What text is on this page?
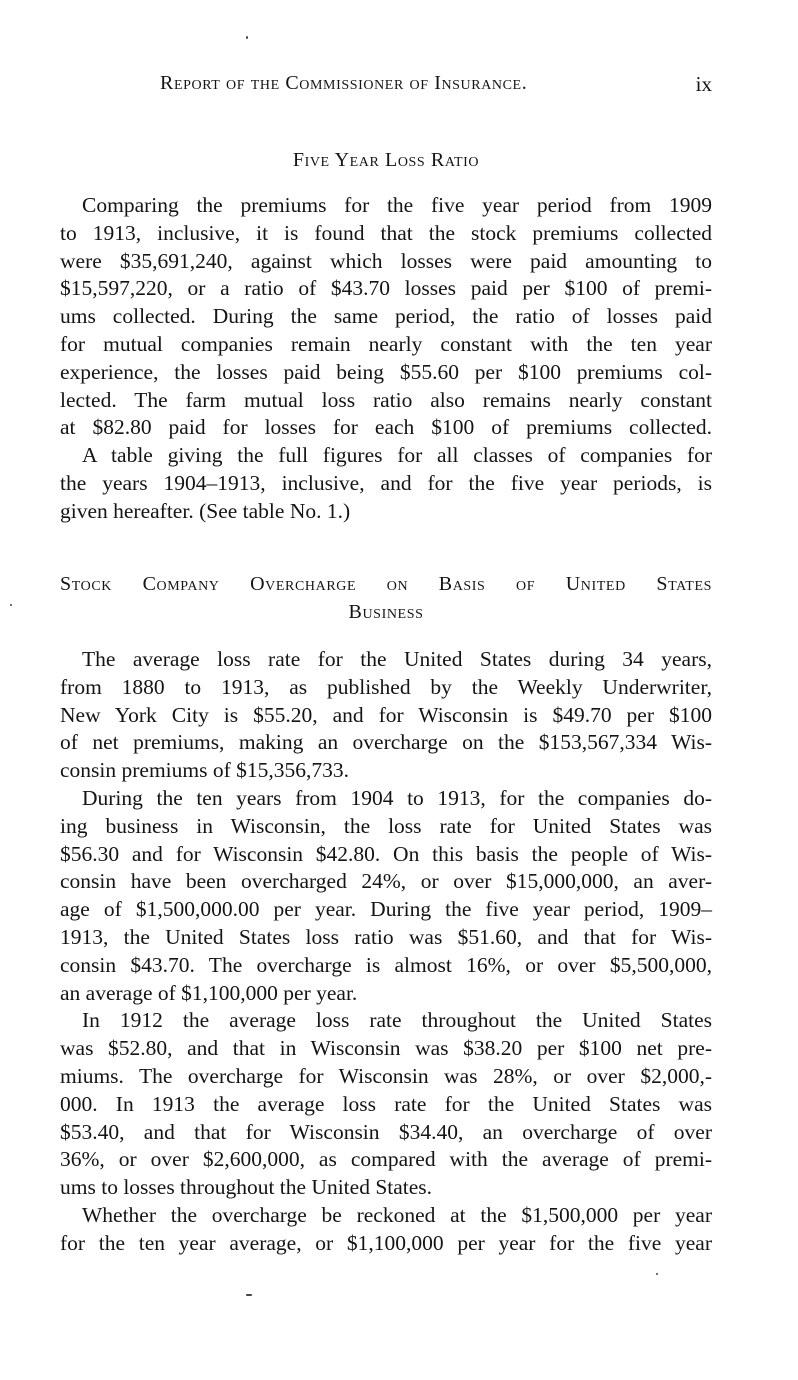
Report of the Commissioner of Insurance.	ix
Five Year Loss Ratio

Comparing the premiums for the five year period from 1909
to 1913, inclusive, it is found that the stock premiums collected
were $35,691,240, against which losses were paid amounting to
$15,597,220, or a ratio of $43.70 losses paid per $100 of premi-
ums collected. During the same period, the ratio of losses paid
for mutual companies remain nearly constant with the ten year
experience, the losses paid being $55.60 per $100 premiums col-
lected. The farm mutual loss ratio also remains nearly constant
at $82.80 paid for losses for each $100 of premiums collected.

A table giving the full figures for all classes of companies for
the years 1904–1913, inclusive, and for the five year periods, is
given hereafter. (See table No. 1.)

Stock Company Overcharge on Basis of United States
Business

The average loss rate for the United States during 34 years,
from 1880 to 1913, as published by the Weekly Underwriter,
New York City is $55.20, and for Wisconsin is $49.70 per $100
of net premiums, making an overcharge on the $153,567,334 Wis-
consin premiums of $15,356,733.

During the ten years from 1904 to 1913, for the companies do-
ing business in Wisconsin, the loss rate for United States was
$56.30 and for Wisconsin $42.80. On this basis the people of Wis-
consin have been overcharged 24%, or over $15,000,000, an aver-
age of $1,500,000.00 per year. During the five year period, 1909–
1913, the United States loss ratio was $51.60, and that for Wis-
consin $43.70. The overcharge is almost 16%, or over $5,500,000,
an average of $1,100,000 per year.

In 1912 the average loss rate throughout the United States
was $52.80, and that in Wisconsin was $38.20 per $100 net pre-
miums. The overcharge for Wisconsin was 28%, or over $2,000,-
000. In 1913 the average loss rate for the United States was
$53.40, and that for Wisconsin $34.40, an overcharge of over
36%, or over $2,600,000, as compared with the average of premi-
ums to losses throughout the United States.

Whether the overcharge be reckoned at the $1,500,000 per year
for the ten year average, or $1,100,000 per year for the five year
